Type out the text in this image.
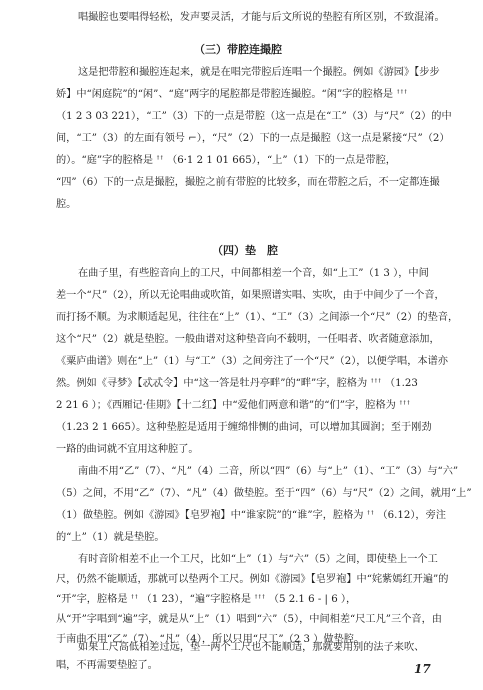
唱撮腔也要唱得轻松，发声要灵活，才能与后文所说的垫腔有所区别，不致混淆。
（三）带腔连撮腔
这是把带腔和撮腔连起来，就是在唱完带腔后连唱一个撮腔。例如《游园》【步步
娇】中“闲庭院”的“闲”、“庭”两字的尾腔都是带腔连撮腔。“闲”字的腔格是 ꜛꜛꜛ
（1 2 3 03 221），“工”（3）下的一点是带腔（这一点是在“工”（3）与“尺”（2）的中
间，“工”（3）的左面有领号 ⌐），“尺”（2）下的一点是撮腔（这一点是紧接“尺”（2）
的）。“庭”字的腔格是 ꜛꜛ （6·1 2 1 01 665），“上”（1）下的一点是带腔，
“四”（6）下的一点是撮腔，撮腔之前有带腔的比较多，而在带腔之后，不一定都连撮
腔。
（四）垫　腔
在曲子里，有些腔音向上的工尺，中间都相差一个音，如“上工”（1 3 ），中间
差一个“尺”（2），所以无论唱曲或吹笛，如果照谱实唱、实吹，由于中间少了一个音，
而打扬不顺。为求顺适起见，往往在“上”（1）、“工”（3）之间添一个“尺”（2）的垫音，
这个“尺”（2）就是垫腔。一般曲谱对这种垫音向不载明，一任唱者、吹者随意添加，
《粟庐曲谱》则在“上”（1）与“工”（3）之间旁注了一个“尺”（2），以便学唱，本谱亦
然。例如《寻梦》【忒忒令】中“这一答是牡丹亭畔”的“畔”字，腔格为 ꜛꜛꜛ （1.23
2 21 6 ）；《西厢记·佳期》【十二红】中“爱他们两意和谐”的“们”字，腔格为 ꜛꜛꜛ
（1.23 2 1 665）。这种垫腔是适用于缠绵悱恻的曲词，可以增加其圆润；至于刚劲
一路的曲词就不宜用这种腔了。
南曲不用“乙”（7）、“凡”（4）二音，所以“四”（6）与“上”（1）、“工”（3）与“六”
（5）之间，不用“乙”（7）、“凡”（4）做垫腔。至于“四”（6）与“尺”（2）之间，就用“上”
（1）做垫腔。例如《游园》【皂罗袍】中“谁家院”的“谁”字，腔格为 ꜛꜛ （6.12），旁注
的“上”（1）就是垫腔。
有时音阶相差不止一个工尺，比如“上”（1）与“六”（5）之间，即使垫上一个工
尺，仍然不能顺适，那就可以垫两个工尺。例如《游园》【皂罗袍】中“姹紫嫣红开遍”的
“开”字，腔格是 ꜛꜛ （1 23），“遍”字腔格是 ꜛꜛꜛ （5 2.1 6 - | 6 ），
从“开”字唱到“遍”字，就是从“上”（1）唱到“六”（5），中间相差“尺工凡”三个音，由
于南曲不用“乙”（7）、“凡”（4），所以只用“尺工”（2 3 ）做垫腔。
如果工尺高低相差过远，垫一两个工尺也不能顺适，那就要用别的法子来吹、
唱，不再需要垫腔了。	17
